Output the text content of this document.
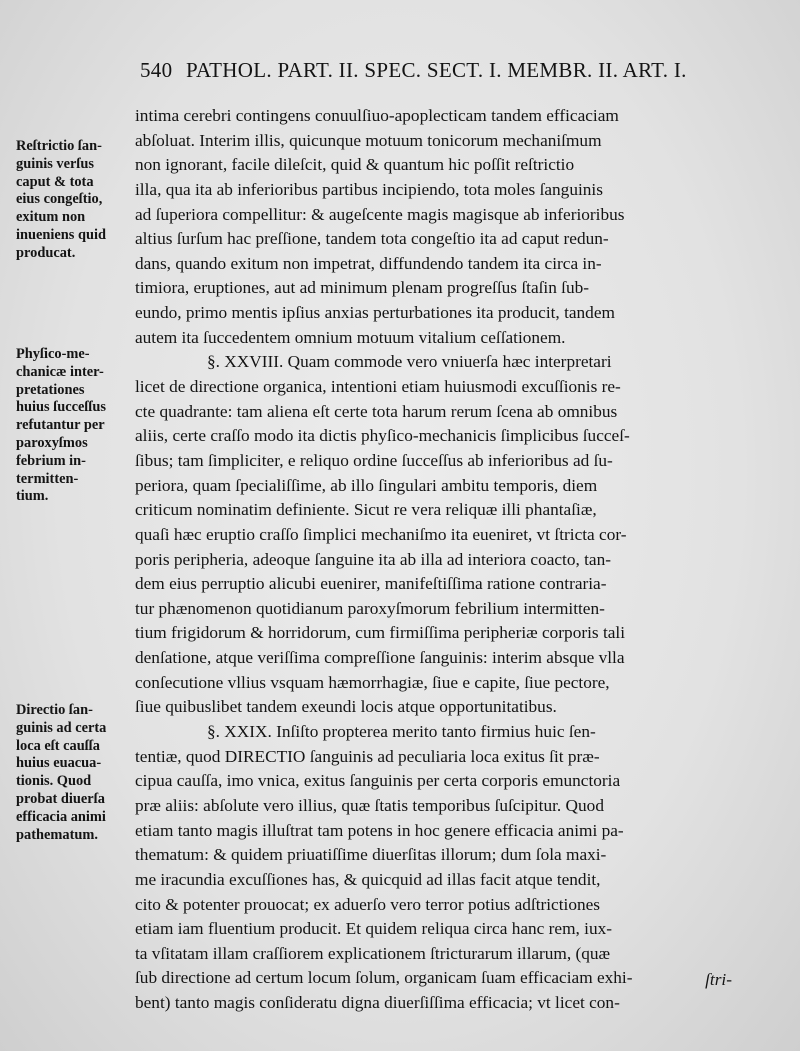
540 PATHOL. PART. II. SPEC. SECT. I. MEMBR. II. ART. I.
intima cerebri contingens conuulſiuo-apoplecticam tandem efficaciam
abſoluat. Interim illis, quicunque motuum tonicorum mechaniſmum
non ignorant, facile dileſcit, quid & quantum hic poſſit reſtrictio
illa, qua ita ab inferioribus partibus incipiendo, tota moles ſanguinis
ad ſuperiora compellitur: & augeſcente magis magisque ab inferioribus
altius ſurſum hac preſſione, tandem tota congeſtio ita ad caput redun-
dans, quando exitum non impetrat, diffundendo tandem ita circa in-
timiora, eruptiones, aut ad minimum plenam progreſſus ſtaſin ſub-
eundo, primo mentis ipſius anxias perturbationes ita producit, tandem
autem ita ſuccedentem omnium motuum vitalium ceſſationem.
§. XXVIII. Quam commode vero vniuerſa hæc interpretari
licet de directione organica, intentioni etiam huiusmodi excuſſionis re-
cte quadrante: tam aliena eſt certe tota harum rerum ſcena ab omnibus
aliis, certe craſſo modo ita dictis phyſico-mechanicis ſimplicibus ſucceſ-
ſibus; tam ſimpliciter, e reliquo ordine ſucceſſus ab inferioribus ad ſu-
periora, quam ſpecialiſſime, ab illo ſingulari ambitu temporis, diem
criticum nominatim definiente. Sicut re vera reliquæ illi phantaſiæ,
quaſi hæc eruptio craſſo ſimplici mechaniſmo ita eueniret, vt ſtricta cor-
poris peripheria, adeoque ſanguine ita ab illa ad interiora coacto, tan-
dem eius perruptio alicubi euenirer, manifeſtiſſima ratione contraria-
tur phænomenon quotidianum paroxyſmorum febrilium intermitten-
tium frigidorum & horridorum, cum firmiſſima peripheriæ corporis tali
denſatione, atque veriſſima compreſſione ſanguinis: interim absque vlla
conſecutione vllius vsquam hæmorrhagiæ, ſiue e capite, ſiue pectore,
ſiue quibuslibet tandem exeundi locis atque opportunitatibus.
§. XXIX. Inſiſto propterea merito tanto firmius huic ſen-
tentiæ, quod DIRECTIO ſanguinis ad peculiaria loca exitus ſit præ-
cipua cauſſa, imo vnica, exitus ſanguinis per certa corporis emunctoria
præ aliis: abſolute vero illius, quæ ſtatis temporibus ſuſcipitur. Quod
etiam tanto magis illuſtrat tam potens in hoc genere efficacia animi pa-
thematum: & quidem priuatiſſime diuerſitas illorum; dum ſola maxi-
me iracundia excuſſiones has, & quicquid ad illas facit atque tendit,
cito & potenter prouocat; ex aduerſo vero terror potius adſtrictiones
etiam iam fluentium producit. Et quidem reliqua circa hanc rem, iux-
ta vſitatam illam craſſiorem explicationem ſtricturarum illarum, (quæ
ſub directione ad certum locum ſolum, organicam ſuam efficaciam exhi-
bent) tanto magis conſideratu digna diuerſiſſima efficacia; vt licet con-
Reſtrictio ſan-
guinis verſus
caput & tota
eius congeſtio,
exitum non
inueniens quid
producat.
Phyſico-me-
chanicæ inter-
pretationes
huius ſucceſſus
refutantur per
paroxyſmos
febrium in-
termitten-
tium.
Directio ſan-
guinis ad certa
loca eſt cauſſa
huius euacua-
tionis. Quod
probat diuerſa
efficacia animi
pathematum.
ſtri-
